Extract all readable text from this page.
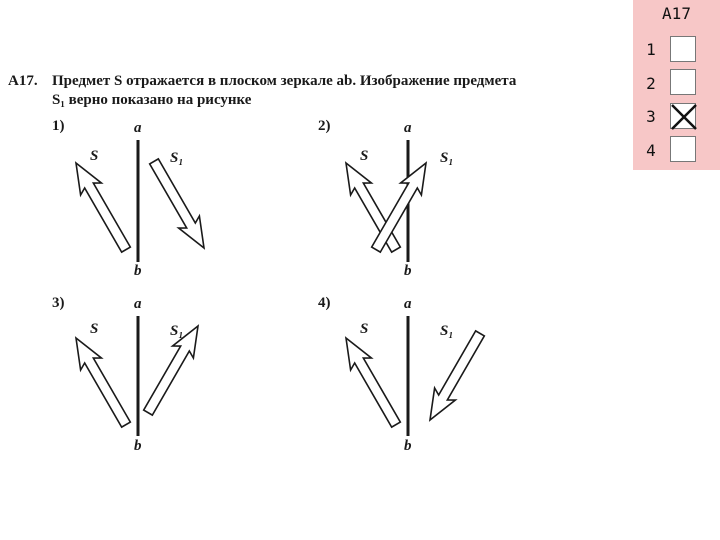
А17. Предмет S отражается в плоском зеркале ab. Изображение предмета
S₁ верно показано на рисунке
1)	a
b
S	S₁
2)	a
b
S	S₁
3)	a
b
S	S₁
4)	a
b
S	S₁
А17
1
2
3
4
